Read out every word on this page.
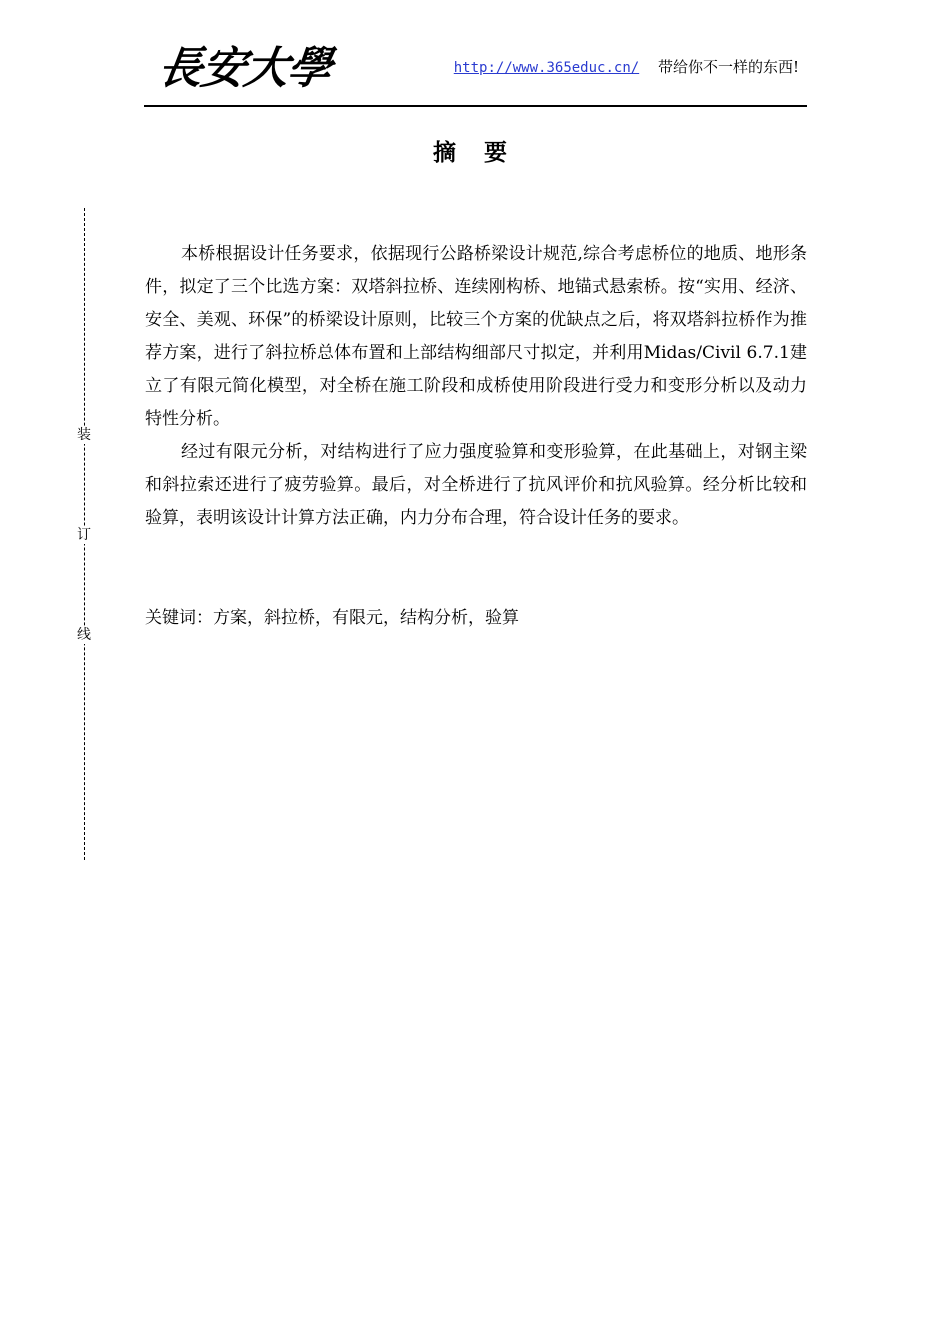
長安大學	http://www.365educ.cn/ 带给你不一样的东西!
摘 要
装
订
线

本桥根据设计任务要求，依据现行公路桥梁设计规范,综合考虑桥位的地质、地形条件，拟定了三个比选方案：双塔斜拉桥、连续刚构桥、地锚式悬索桥。按“实用、经济、安全、美观、环保”的桥梁设计原则，比较三个方案的优缺点之后，将双塔斜拉桥作为推荐方案，进行了斜拉桥总体布置和上部结构细部尺寸拟定，并利用Midas/Civil 6.7.1建立了有限元简化模型，对全桥在施工阶段和成桥使用阶段进行受力和变形分析以及动力特性分析。

经过有限元分析，对结构进行了应力强度验算和变形验算，在此基础上，对钢主梁和斜拉索还进行了疲劳验算。最后，对全桥进行了抗风评价和抗风验算。经分析比较和验算，表明该设计计算方法正确，内力分布合理，符合设计任务的要求。

关键词：方案，斜拉桥，有限元，结构分析，验算
